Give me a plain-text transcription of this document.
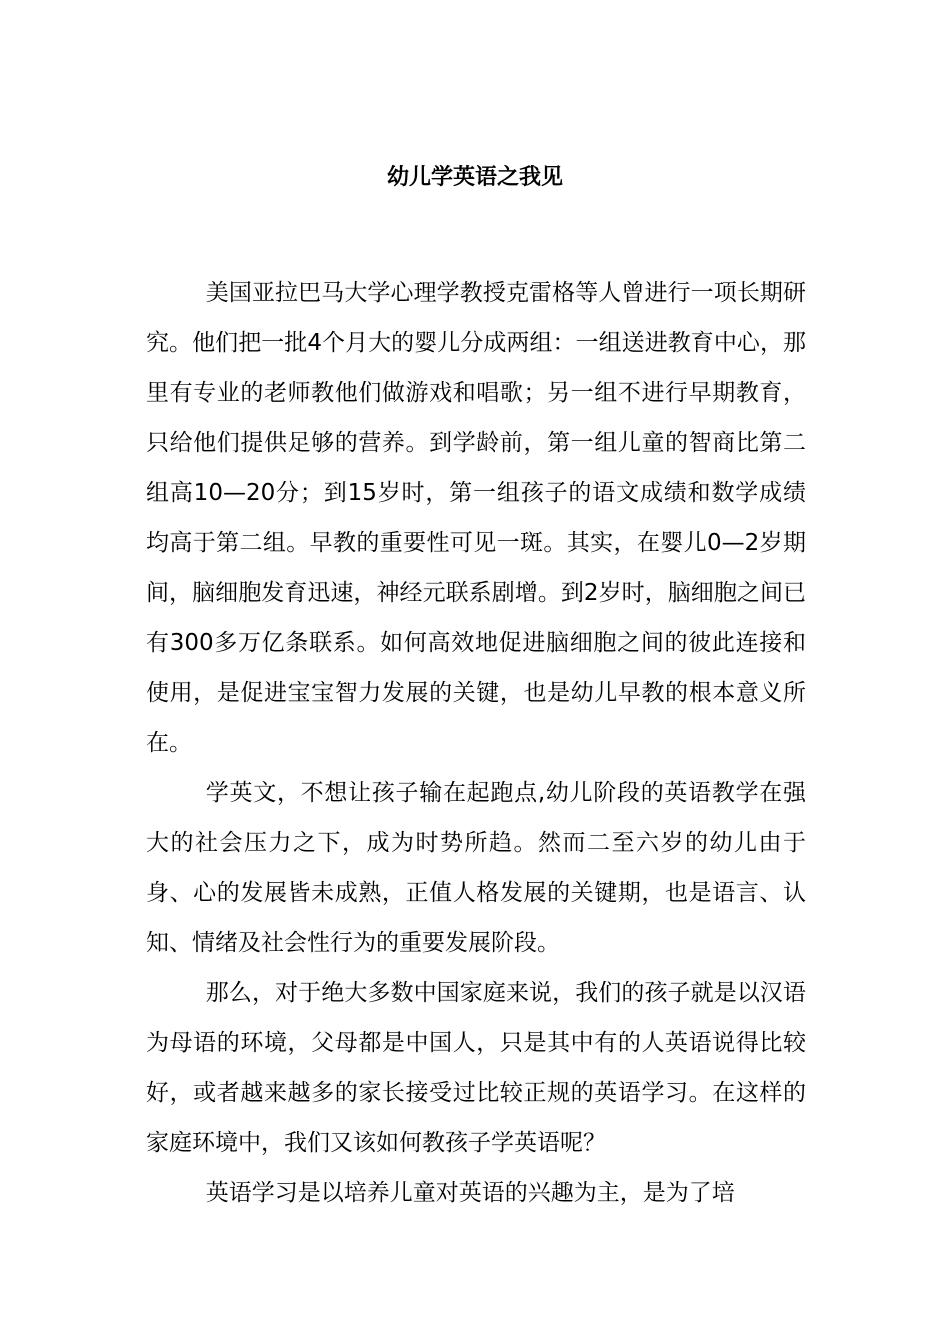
幼儿学英语之我见

美国亚拉巴马大学心理学教授克雷格等人曾进行一项长期研究。他们把一批4个月大的婴儿分成两组：一组送进教育中心，那里有专业的老师教他们做游戏和唱歌；另一组不进行早期教育，只给他们提供足够的营养。到学龄前，第一组儿童的智商比第二组高10—20分；到15岁时，第一组孩子的语文成绩和数学成绩均高于第二组。早教的重要性可见一斑。其实，在婴儿0—2岁期间，脑细胞发育迅速，神经元联系剧增。到2岁时，脑细胞之间已有300多万亿条联系。如何高效地促进脑细胞之间的彼此连接和使用，是促进宝宝智力发展的关键，也是幼儿早教的根本意义所在。

学英文，不想让孩子输在起跑点,幼儿阶段的英语教学在强大的社会压力之下，成为时势所趋。然而二至六岁的幼儿由于身、心的发展皆未成熟，正值人格发展的关键期，也是语言、认知、情绪及社会性行为的重要发展阶段。

那么，对于绝大多数中国家庭来说，我们的孩子就是以汉语为母语的环境，父母都是中国人，只是其中有的人英语说得比较好，或者越来越多的家长接受过比较正规的英语学习。在这样的家庭环境中，我们又该如何教孩子学英语呢？

英语学习是以培养儿童对英语的兴趣为主，是为了培
